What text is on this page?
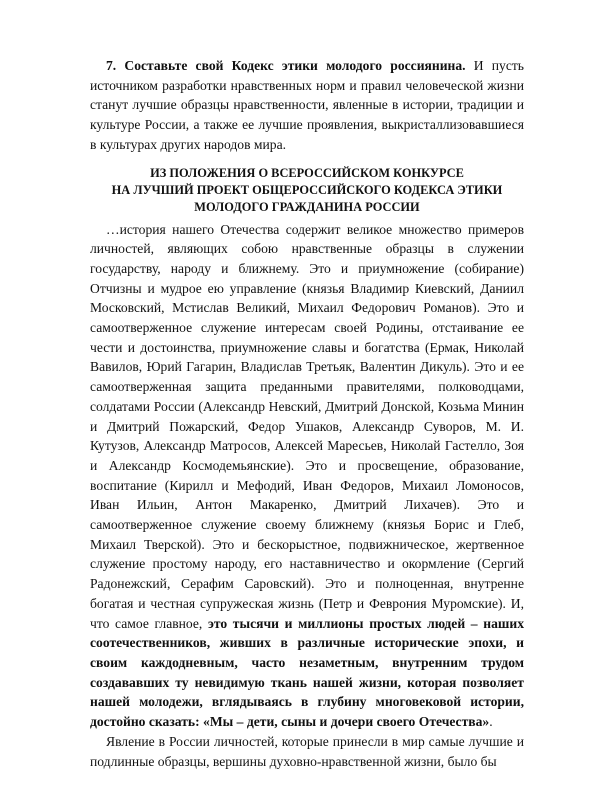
7. Составьте свой Кодекс этики молодого россиянина. И пусть источником разработки нравственных норм и правил человеческой жизни станут лучшие образцы нравственности, явленные в истории, традиции и культуре России, а также ее лучшие проявления, выкристаллизовавшиеся в культурах других народов мира.

ИЗ ПОЛОЖЕНИЯ О ВСЕРОССИЙСКОМ КОНКУРСЕ
НА ЛУЧШИЙ ПРОЕКТ ОБЩЕРОССИЙСКОГО КОДЕКСА ЭТИКИ
МОЛОДОГО ГРАЖДАНИНА РОССИИ

…история нашего Отечества содержит великое множество примеров личностей, являющих собою нравственные образцы в служении государству, народу и ближнему. Это и приумножение (собирание) Отчизны и мудрое ею управление (князья Владимир Киевский, Даниил Московский, Мстислав Великий, Михаил Федорович Романов). Это и самоотверженное служение интересам своей Родины, отстаивание ее чести и достоинства, приумножение славы и богатства (Ермак, Николай Вавилов, Юрий Гагарин, Владислав Третьяк, Валентин Дикуль). Это и ее самоотверженная защита преданными правителями, полководцами, солдатами России (Александр Невский, Дмитрий Донской, Козьма Минин и Дмитрий Пожарский, Федор Ушаков, Александр Суворов, М. И. Кутузов, Александр Матросов, Алексей Маресьев, Николай Гастелло, Зоя и Александр Космодемьянские). Это и просвещение, образование, воспитание (Кирилл и Мефодий, Иван Федоров, Михаил Ломоносов, Иван Ильин, Антон Макаренко, Дмитрий Лихачев). Это и самоотверженное служение своему ближнему (князья Борис и Глеб, Михаил Тверской). Это и бескорыстное, подвижническое, жертвенное служение простому народу, его наставничество и окормление (Сергий Радонежский, Серафим Саровский). Это и полноценная, внутренне богатая и честная супружеская жизнь (Петр и Феврония Муромские). И, что самое главное, это тысячи и миллионы простых людей – наших соотечественников, живших в различные исторические эпохи, и своим каждодневным, часто незаметным, внутренним трудом создававших ту невидимую ткань нашей жизни, которая позволяет нашей молодежи, вглядываясь в глубину многовековой истории, достойно сказать: «Мы – дети, сыны и дочери своего Отечества».

Явление в России личностей, которые принесли в мир самые лучшие и подлинные образцы, вершины духовно-нравственной жизни, было бы
